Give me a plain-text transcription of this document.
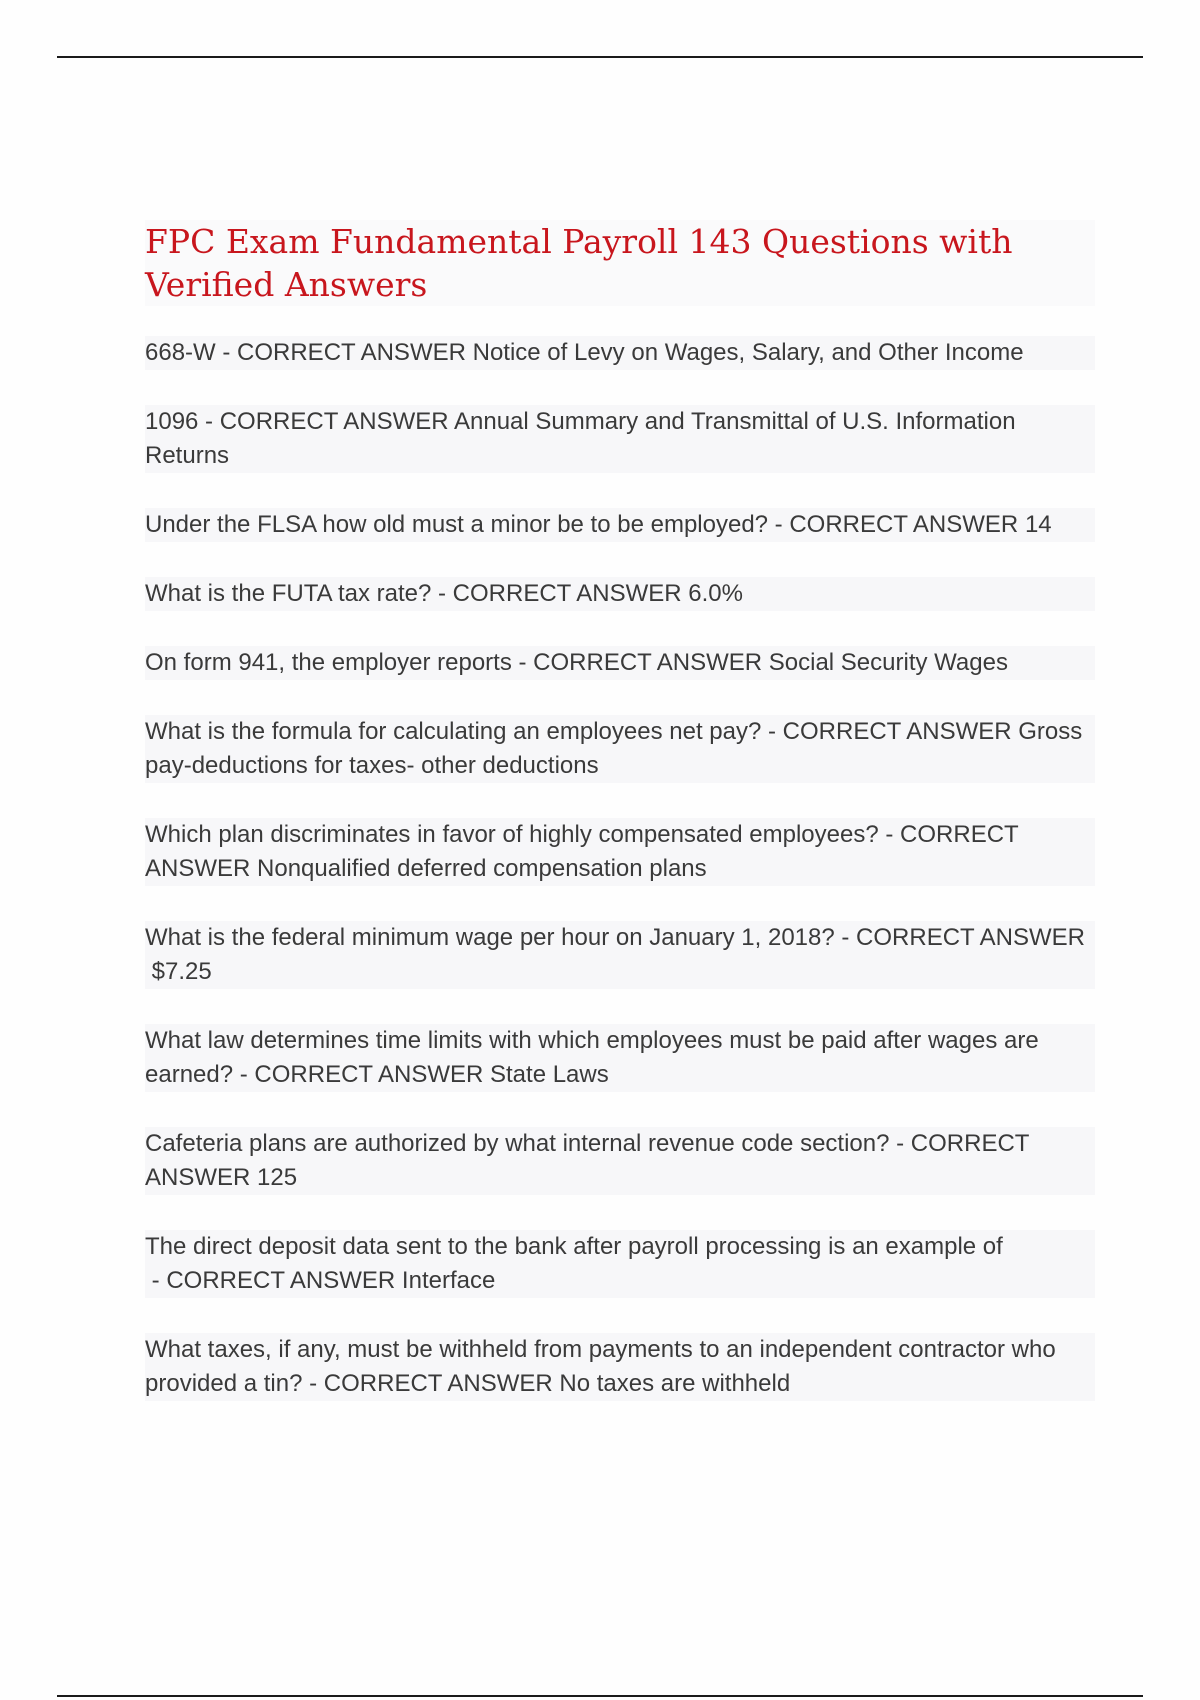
FPC Exam Fundamental Payroll 143 Questions with Verified Answers
668-W - CORRECT ANSWER Notice of Levy on Wages, Salary, and Other Income
1096 - CORRECT ANSWER Annual Summary and Transmittal of U.S. Information Returns
Under the FLSA how old must a minor be to be employed? - CORRECT ANSWER 14
What is the FUTA tax rate? - CORRECT ANSWER 6.0%
On form 941, the employer reports - CORRECT ANSWER Social Security Wages
What is the formula for calculating an employees net pay? - CORRECT ANSWER Gross pay-deductions for taxes- other deductions
Which plan discriminates in favor of highly compensated employees? - CORRECT ANSWER Nonqualified deferred compensation plans
What is the federal minimum wage per hour on January 1, 2018? - CORRECT ANSWER $7.25
What law determines time limits with which employees must be paid after wages are earned? - CORRECT ANSWER State Laws
Cafeteria plans are authorized by what internal revenue code section? - CORRECT ANSWER 125
The direct deposit data sent to the bank after payroll processing is an example of - CORRECT ANSWER Interface
What taxes, if any, must be withheld from payments to an independent contractor who provided a tin? - CORRECT ANSWER No taxes are withheld
